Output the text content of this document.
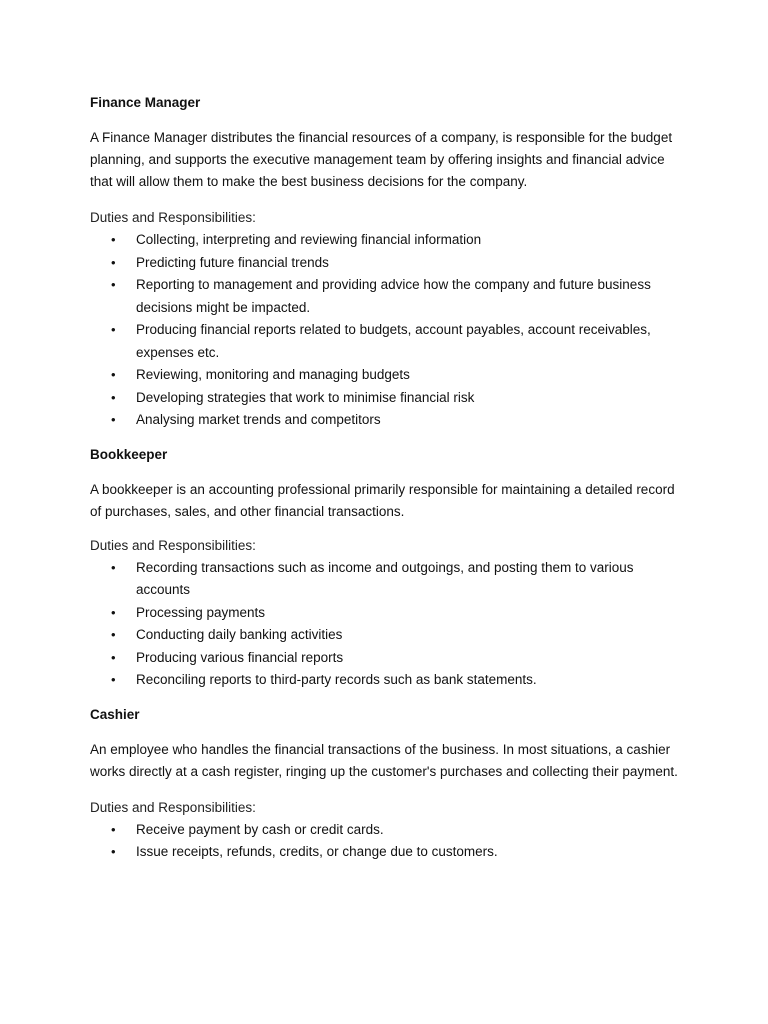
Finance Manager

A Finance Manager distributes the financial resources of a company, is responsible for the budget planning, and supports the executive management team by offering insights and financial advice that will allow them to make the best business decisions for the company.

Duties and Responsibilities:

• Collecting, interpreting and reviewing financial information
• Predicting future financial trends
• Reporting to management and providing advice how the company and future business decisions might be impacted.
• Producing financial reports related to budgets, account payables, account receivables, expenses etc.
• Reviewing, monitoring and managing budgets
• Developing strategies that work to minimise financial risk
• Analysing market trends and competitors
Bookkeeper

A bookkeeper is an accounting professional primarily responsible for maintaining a detailed record of purchases, sales, and other financial transactions.

Duties and Responsibilities:

• Recording transactions such as income and outgoings, and posting them to various accounts
• Processing payments
• Conducting daily banking activities
• Producing various financial reports
• Reconciling reports to third-party records such as bank statements.
Cashier

An employee who handles the financial transactions of the business. In most situations, a cashier works directly at a cash register, ringing up the customer's purchases and collecting their payment.

Duties and Responsibilities:

• Receive payment by cash or credit cards.
• Issue receipts, refunds, credits, or change due to customers.
